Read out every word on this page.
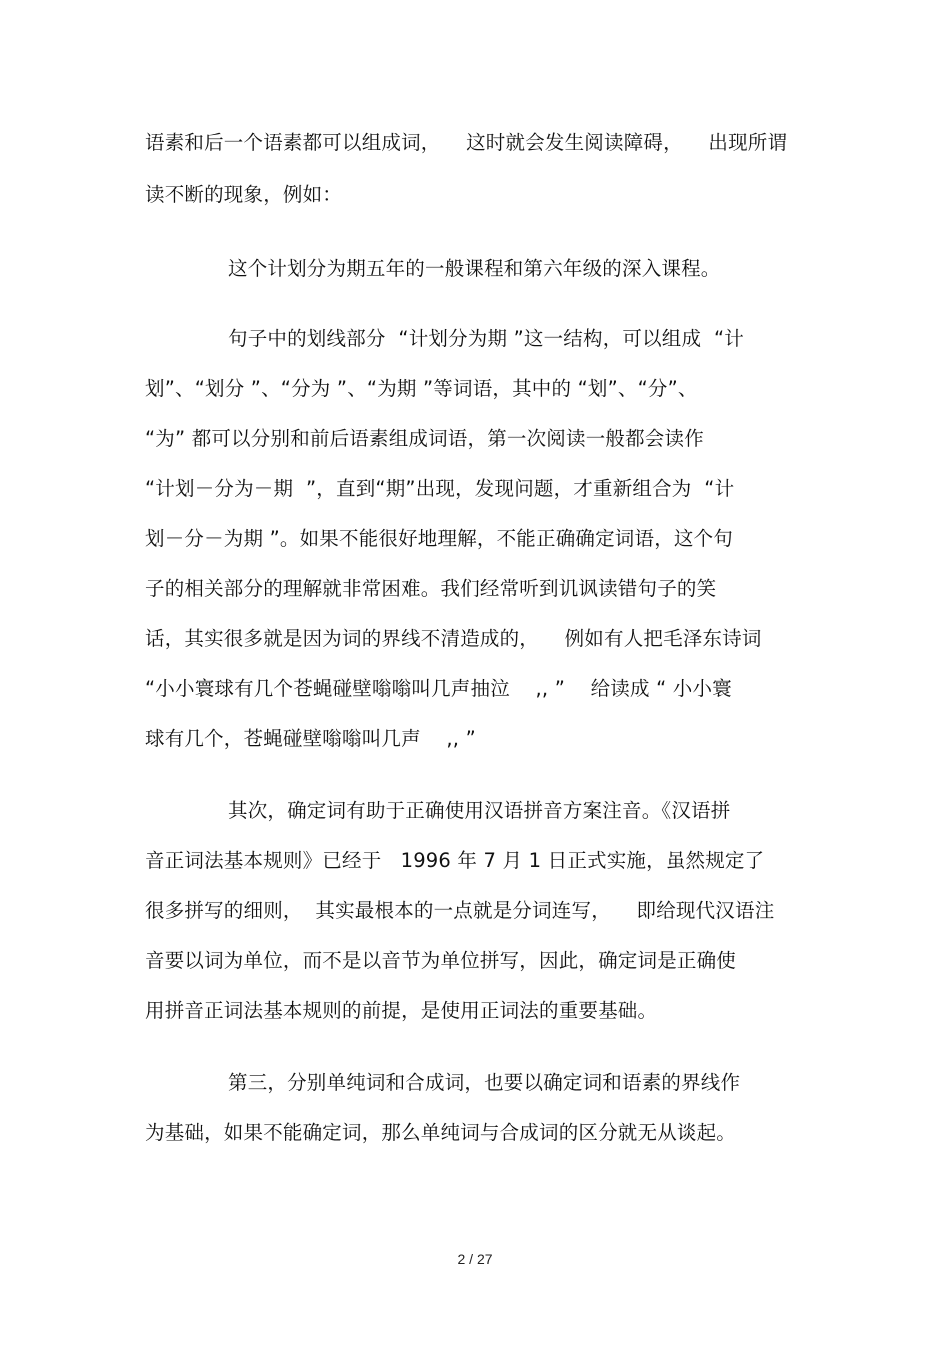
语素和后一个语素都可以组成词，    这时就会发生阅读障碍，    出现所谓
读不断的现象，例如：
这个计划分为期五年的一般课程和第六年级的深入课程。
句子中的划线部分  “计划分为期 ”这一结构，可以组成  “计
划”、“划分 ”、“分为 ”、“为期 ”等词语，其中的 “划”、“分”、
“为” 都可以分别和前后语素组成词语，第一次阅读一般都会读作
“计划－分为－期  ”，直到“期”出现，发现问题，才重新组合为  “计
划－分－为期 ”。如果不能很好地理解，不能正确确定词语，这个句
子的相关部分的理解就非常困难。我们经常听到讥讽读错句子的笑
话，其实很多就是因为词的界线不清造成的，    例如有人把毛泽东诗词
“小小寰球有几个苍蝇碰壁嗡嗡叫几声抽泣    ,, ”    给读成 “ 小小寰
球有几个，苍蝇碰壁嗡嗡叫几声    ,, ”
其次，确定词有助于正确使用汉语拼音方案注音。《汉语拼
音正词法基本规则》已经于   1996 年 7 月 1 日正式实施，虽然规定了
很多拼写的细则，  其实最根本的一点就是分词连写，    即给现代汉语注
音要以词为单位，而不是以音节为单位拼写，因此，确定词是正确使
用拼音正词法基本规则的前提，是使用正词法的重要基础。
第三，分别单纯词和合成词，也要以确定词和语素的界线作
为基础，如果不能确定词，那么单纯词与合成词的区分就无从谈起。
2 / 27
